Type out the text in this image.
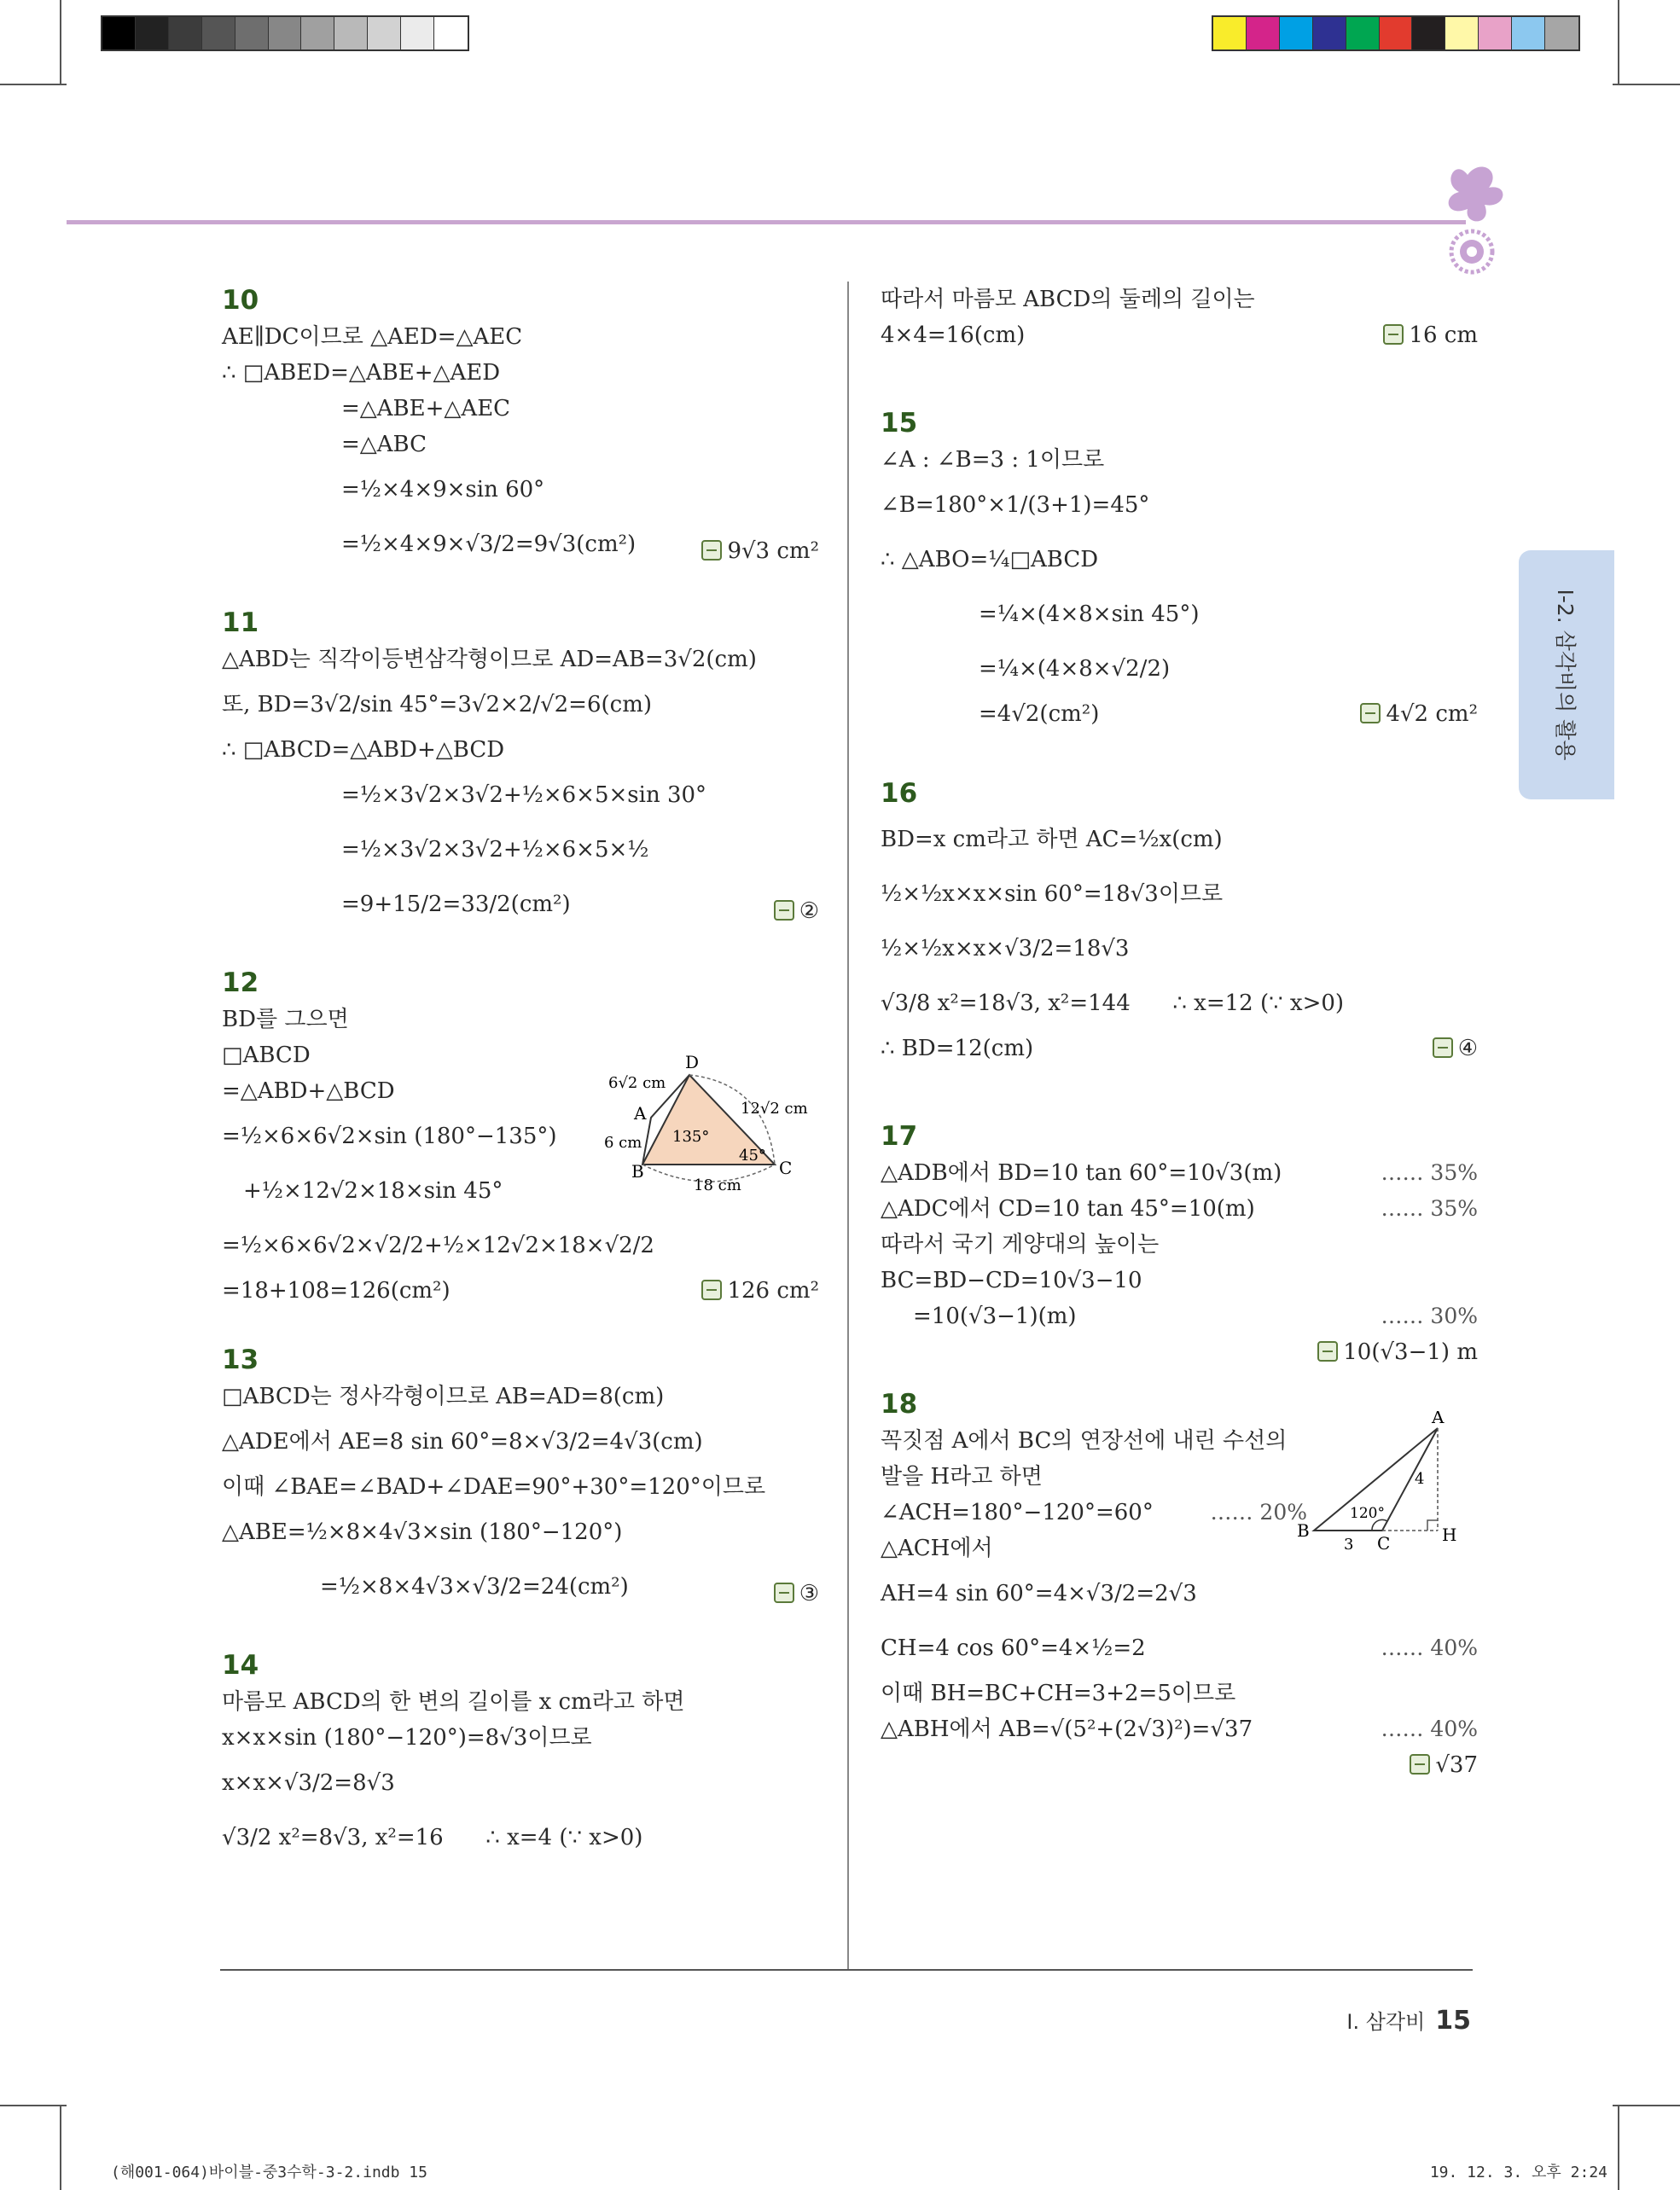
I-2. 삼각비의 활용
10
AE∥DC이므로 △AED=△AEC
∴ □ABED=△ABE+△AED
=△ABE+△AEC
=△ABC
=½×4×9×sin 60°
=½×4×9×√3/2=9√3(cm²)	9√3 cm²
11
△ABD는 직각이등변삼각형이므로 AD=AB=3√2(cm)
또, BD=3√2/sin 45°=3√2×2/√2=6(cm)
∴ □ABCD=△ABD+△BCD
=½×3√2×3√2+½×6×5×sin 30°
=½×3√2×3√2+½×6×5×½
=9+15/2=33/2(cm²)	②
12
BD를 그으면
□ABCD
=△ABD+△BCD
=½×6×6√2×sin (180°−135°)
+½×12√2×18×sin 45°
=½×6×6√2×√2/2+½×12√2×18×√2/2
=18+108=126(cm²)	126 cm²
D
A
B	C
6√2 cm
12√2 cm
6 cm
18 cm
135°
45°
13
□ABCD는 정사각형이므로 AB=AD=8(cm)
△ADE에서 AE=8 sin 60°=8×√3/2=4√3(cm)
이때 ∠BAE=∠BAD+∠DAE=90°+30°=120°이므로
△ABE=½×8×4√3×sin (180°−120°)
=½×8×4√3×√3/2=24(cm²)	③
14
마름모 ABCD의 한 변의 길이를 x cm라고 하면
x×x×sin (180°−120°)=8√3이므로
x×x×√3/2=8√3
√3/2 x²=8√3, x²=16      ∴ x=4 (∵ x>0)
따라서 마름모 ABCD의 둘레의 길이는
4×4=16(cm)	16 cm
15
∠A : ∠B=3 : 1이므로
∠B=180°×1/(3+1)=45°
∴ △ABO=¼□ABCD
=¼×(4×8×sin 45°)
=¼×(4×8×√2/2)
=4√2(cm²)	4√2 cm²
16
BD=x cm라고 하면 AC=½x(cm)
½×½x×x×sin 60°=18√3이므로
½×½x×x×√3/2=18√3
√3/8 x²=18√3, x²=144      ∴ x=12 (∵ x>0)
∴ BD=12(cm)	④
17
△ADB에서 BD=10 tan 60°=10√3(m)	…… 35%
△ADC에서 CD=10 tan 45°=10(m)	…… 35%
따라서 국기 게양대의 높이는
BC=BD−CD=10√3−10
=10(√3−1)(m)	…… 30%
10(√3−1) m
18
꼭짓점 A에서 BC의 연장선에 내린 수선의
발을 H라고 하면
∠ACH=180°−120°=60°	…… 20%
△ACH에서
AH=4 sin 60°=4×√3/2=2√3
CH=4 cos 60°=4×½=2	…… 40%
이때 BH=BC+CH=3+2=5이므로
△ABH에서 AB=√(5²+(2√3)²)=√37	…… 40%
√37
A
B
C	H
4
3
120°
I. 삼각비 15
(해001-064)바이블-중3수학-3-2.indb 15	19. 12. 3. 오후 2:24
